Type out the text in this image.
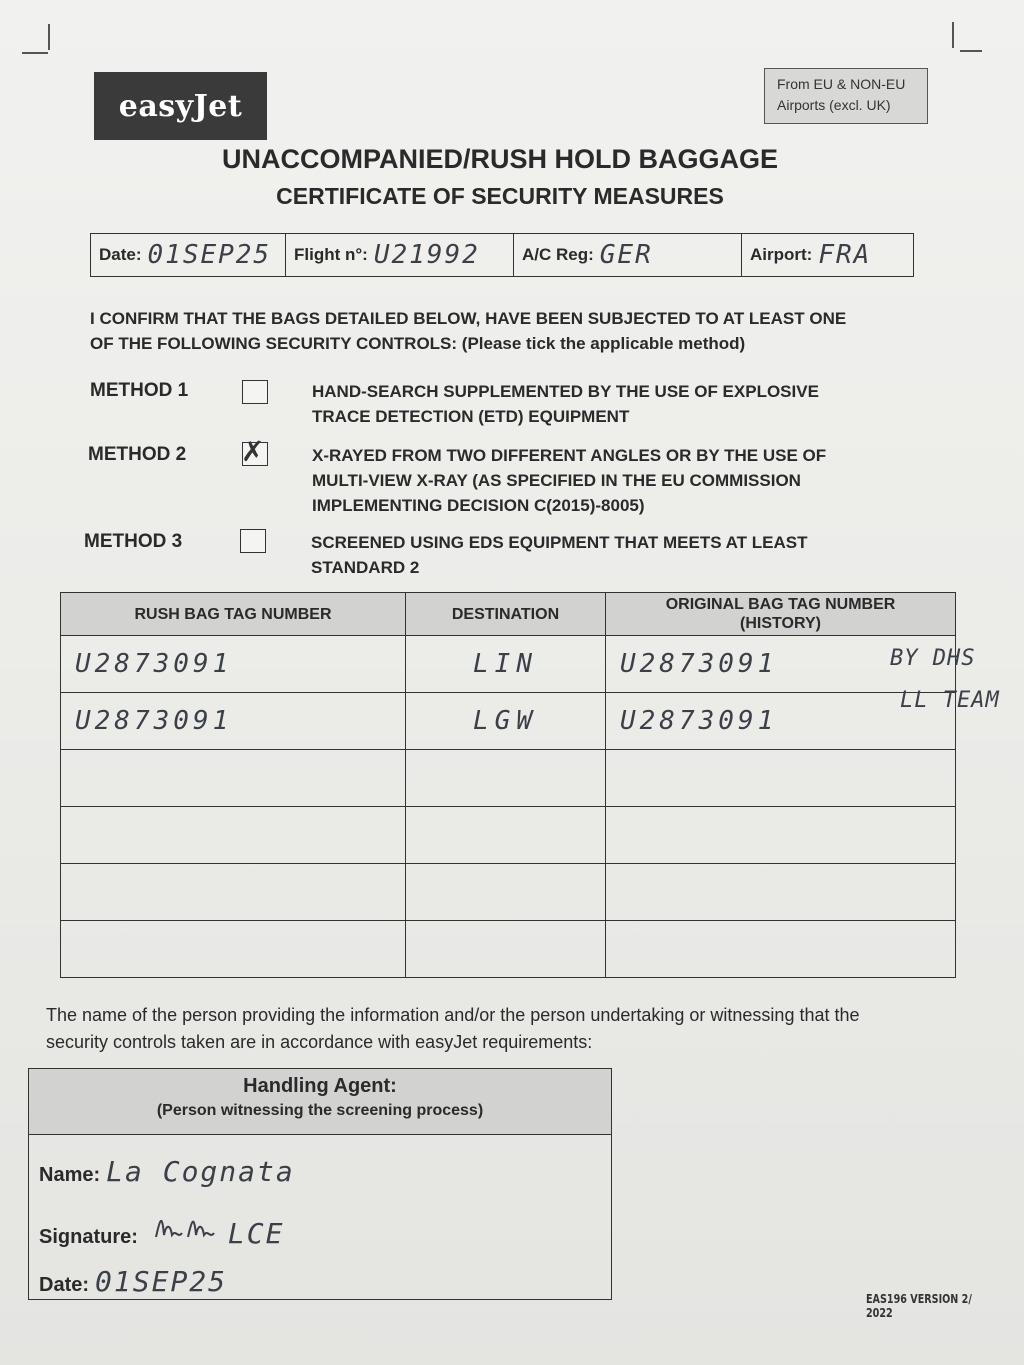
easyJet
From EU & NON-EU
Airports (excl. UK)
UNACCOMPANIED/RUSH HOLD BAGGAGE
CERTIFICATE OF SECURITY MEASURES
Date: 01SEP25 Flight n°: U21992 A/C Reg: GER	Airport: FRA
I CONFIRM THAT THE BAGS DETAILED BELOW, HAVE BEEN SUBJECTED TO AT LEAST ONE
OF THE FOLLOWING SECURITY CONTROLS: (Please tick the applicable method)
METHOD 1	HAND-SEARCH SUPPLEMENTED BY THE USE OF EXPLOSIVE
TRACE DETECTION (ETD) EQUIPMENT
METHOD 2 ✗	X-RAYED FROM TWO DIFFERENT ANGLES OR BY THE USE OF
MULTI-VIEW X-RAY (AS SPECIFIED IN THE EU COMMISSION
IMPLEMENTING DECISION C(2015)-8005)
METHOD 3	SCREENED USING EDS EQUIPMENT THAT MEETS AT LEAST
STANDARD 2
RUSH BAG TAG NUMBER	DESTINATION	ORIGINAL BAG TAG NUMBER
(HISTORY)

U2873091	LIN	U2873091
U2873091	LGW	U2873091

BY DHS
LL TEAM
The name of the person providing the information and/or the person undertaking or witnessing that the
security controls taken are in accordance with easyJet requirements:
Handling Agent:
(Person witnessing the screening process)
Name: La Cognata
Signature:	LCE
Date: 01SEP25
EAS196 VERSION 2/ 2022
